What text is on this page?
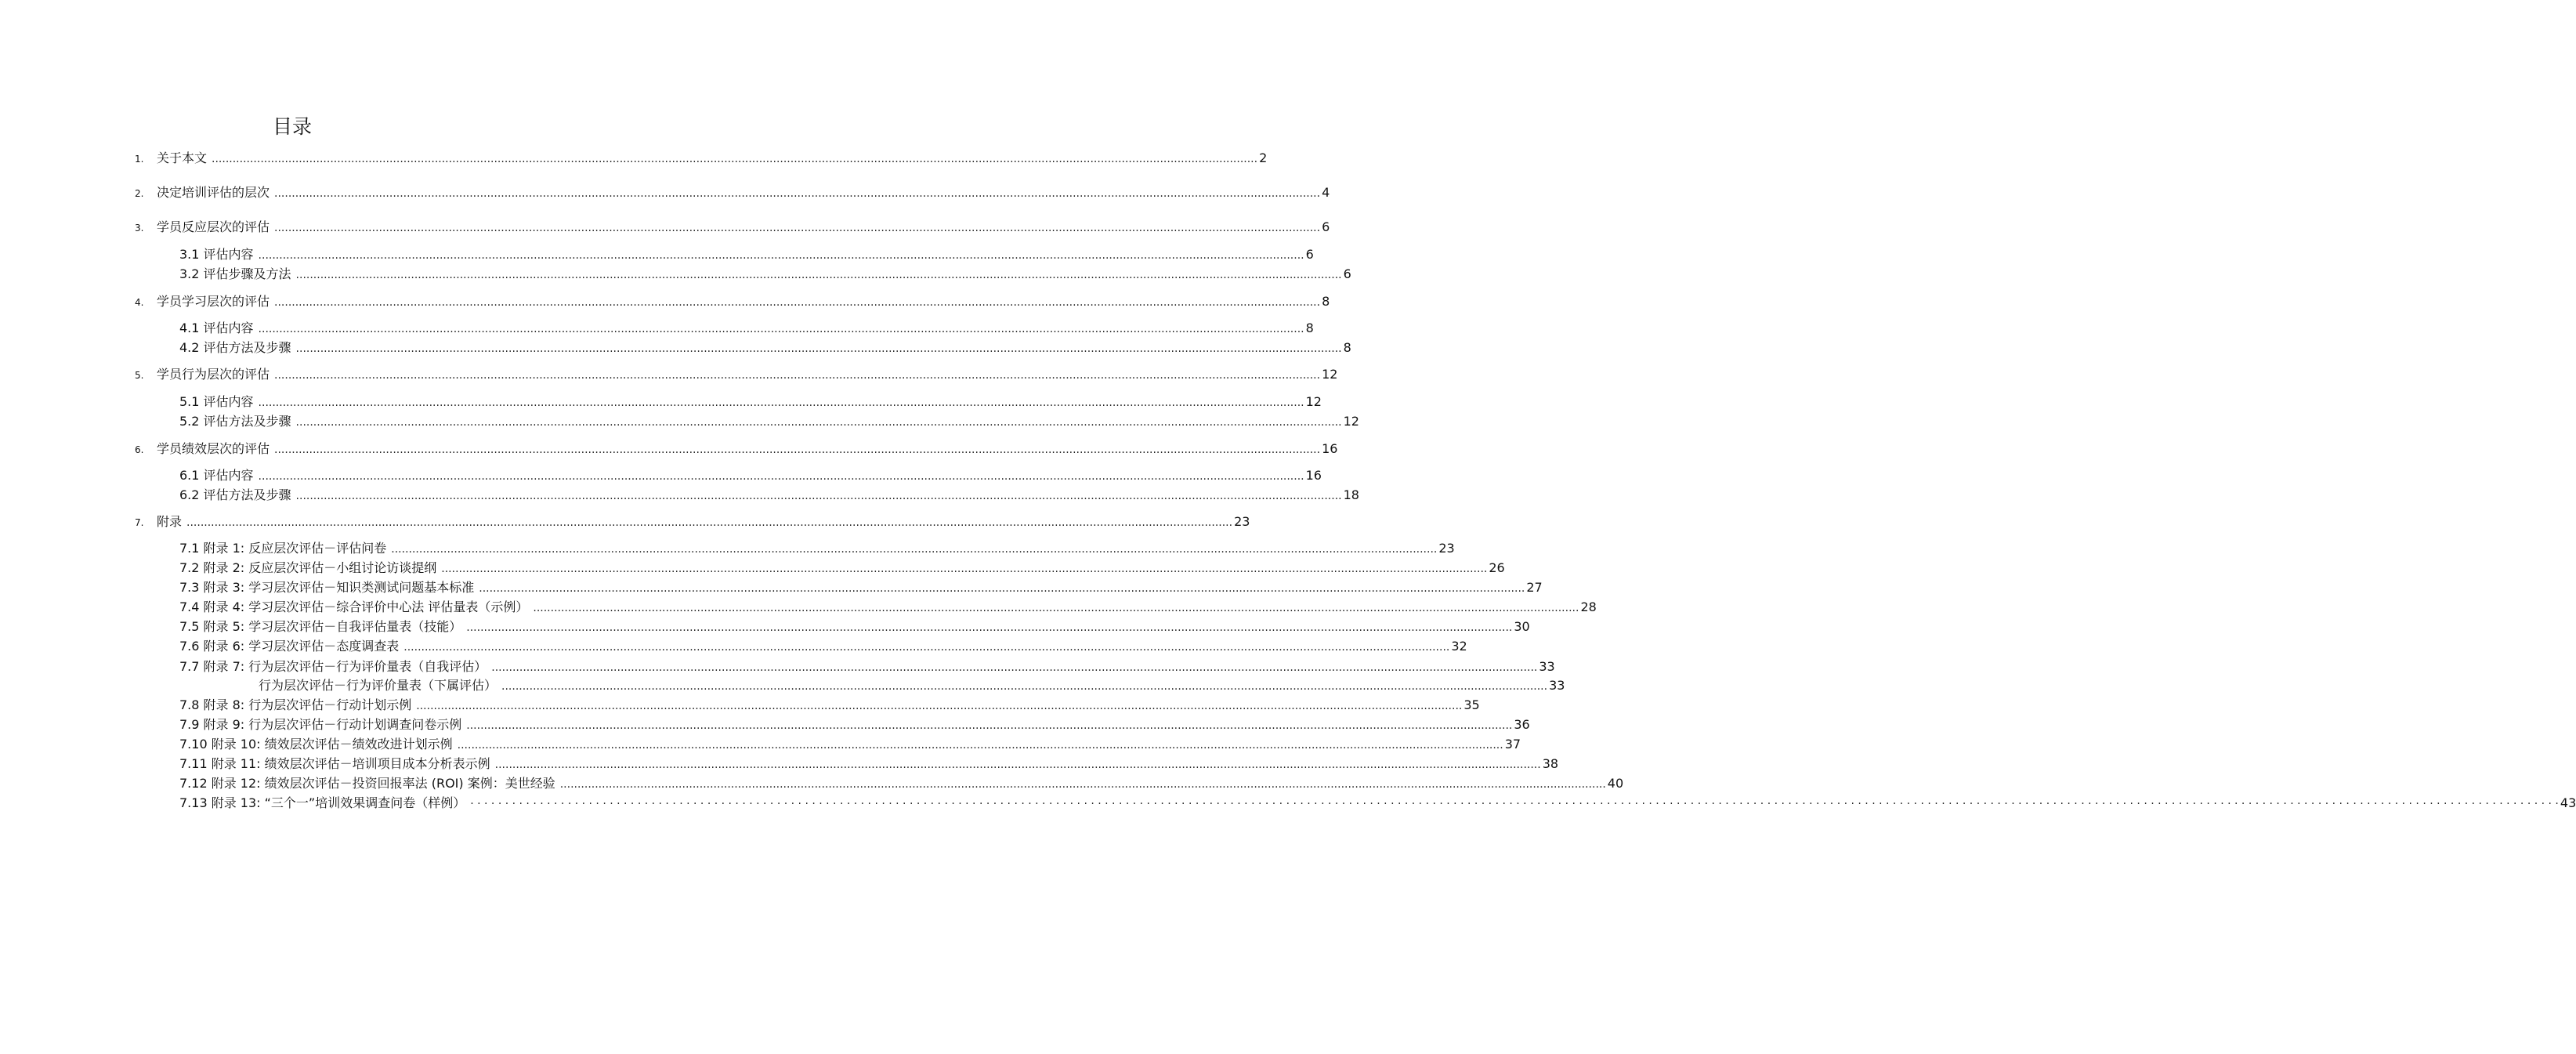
目录
1.	关于本文 ............................................................................................................................................................................................................................................................................................................ 2
2.	决定培训评估的层次 ............................................................................................................................................................................................................................................................................................................ 4
3.	学员反应层次的评估 ............................................................................................................................................................................................................................................................................................................ 6
3.1 评估内容 ............................................................................................................................................................................................................................................................................................................ 6
3.2 评估步骤及方法 ............................................................................................................................................................................................................................................................................................................ 6
4.	学员学习层次的评估 ............................................................................................................................................................................................................................................................................................................ 8
4.1 评估内容 ............................................................................................................................................................................................................................................................................................................ 8
4.2 评估方法及步骤 ............................................................................................................................................................................................................................................................................................................ 8
5.	学员行为层次的评估 ............................................................................................................................................................................................................................................................................................................ 12
5.1 评估内容 ............................................................................................................................................................................................................................................................................................................ 12
5.2 评估方法及步骤 ............................................................................................................................................................................................................................................................................................................ 12
6.	学员绩效层次的评估 ............................................................................................................................................................................................................................................................................................................ 16
6.1 评估内容 ............................................................................................................................................................................................................................................................................................................ 16
6.2 评估方法及步骤 ............................................................................................................................................................................................................................................................................................................ 18
7.	附录 ............................................................................................................................................................................................................................................................................................................ 23
7.1 附录 1: 反应层次评估－评估问卷 ............................................................................................................................................................................................................................................................................................................ 23
7.2 附录 2: 反应层次评估－小组讨论访谈提纲 ............................................................................................................................................................................................................................................................................................................ 26
7.3 附录 3: 学习层次评估－知识类测试问题基本标准 ............................................................................................................................................................................................................................................................................................................ 27
7.4 附录 4: 学习层次评估－综合评价中心法 评估量表（示例） ............................................................................................................................................................................................................................................................................................................ 28
7.5 附录 5: 学习层次评估－自我评估量表（技能） ............................................................................................................................................................................................................................................................................................................ 30
7.6 附录 6: 学习层次评估－态度调查表 ............................................................................................................................................................................................................................................................................................................ 32
7.7 附录 7: 行为层次评估－行为评价量表（自我评估） ............................................................................................................................................................................................................................................................................................................ 33
行为层次评估－行为评价量表（下属评估） ............................................................................................................................................................................................................................................................................................................ 33
7.8 附录 8: 行为层次评估－行动计划示例 ............................................................................................................................................................................................................................................................................................................ 35
7.9 附录 9: 行为层次评估－行动计划调查问卷示例 ............................................................................................................................................................................................................................................................................................................ 36
7.10 附录 10: 绩效层次评估－绩效改进计划示例 ............................................................................................................................................................................................................................................................................................................ 37
7.11 附录 11: 绩效层次评估－培训项目成本分析表示例 ............................................................................................................................................................................................................................................................................................................ 38
7.12 附录 12: 绩效层次评估－投资回报率法 (ROI) 案例：美世经验 ............................................................................................................................................................................................................................................................................................................ 40
7.13 附录 13: “三个一”培训效果调查问卷（样例） · · · · · · · · · · · · · · · · · · · · · · · · · · · · · · · · · · · · · · · · · · · · · · · · · · · · · · · · · · · · · · · · · · · · · · · · · · · · · · · · · · · · · · · · · · · · · · · · · · · · · · · · · · · · · · · · · · · · · · · · · · · · · · · · · · · · · · · · · · · · · · · · · · · · · · · · · · · · · · · · · · · · · · · · · · · · · · · · · · · · · · · · · · · · · · · · · · · · · · · · · · · · · · · · · · · · · · · · · · · · · · · · · · · · · · · · · · · · · · · · · · · · · · · · · · · · · · · · · · · · · · · · · · · · · · · · · · · · · · · · · · · · · · · · · · · · · · · · · · · · 43
